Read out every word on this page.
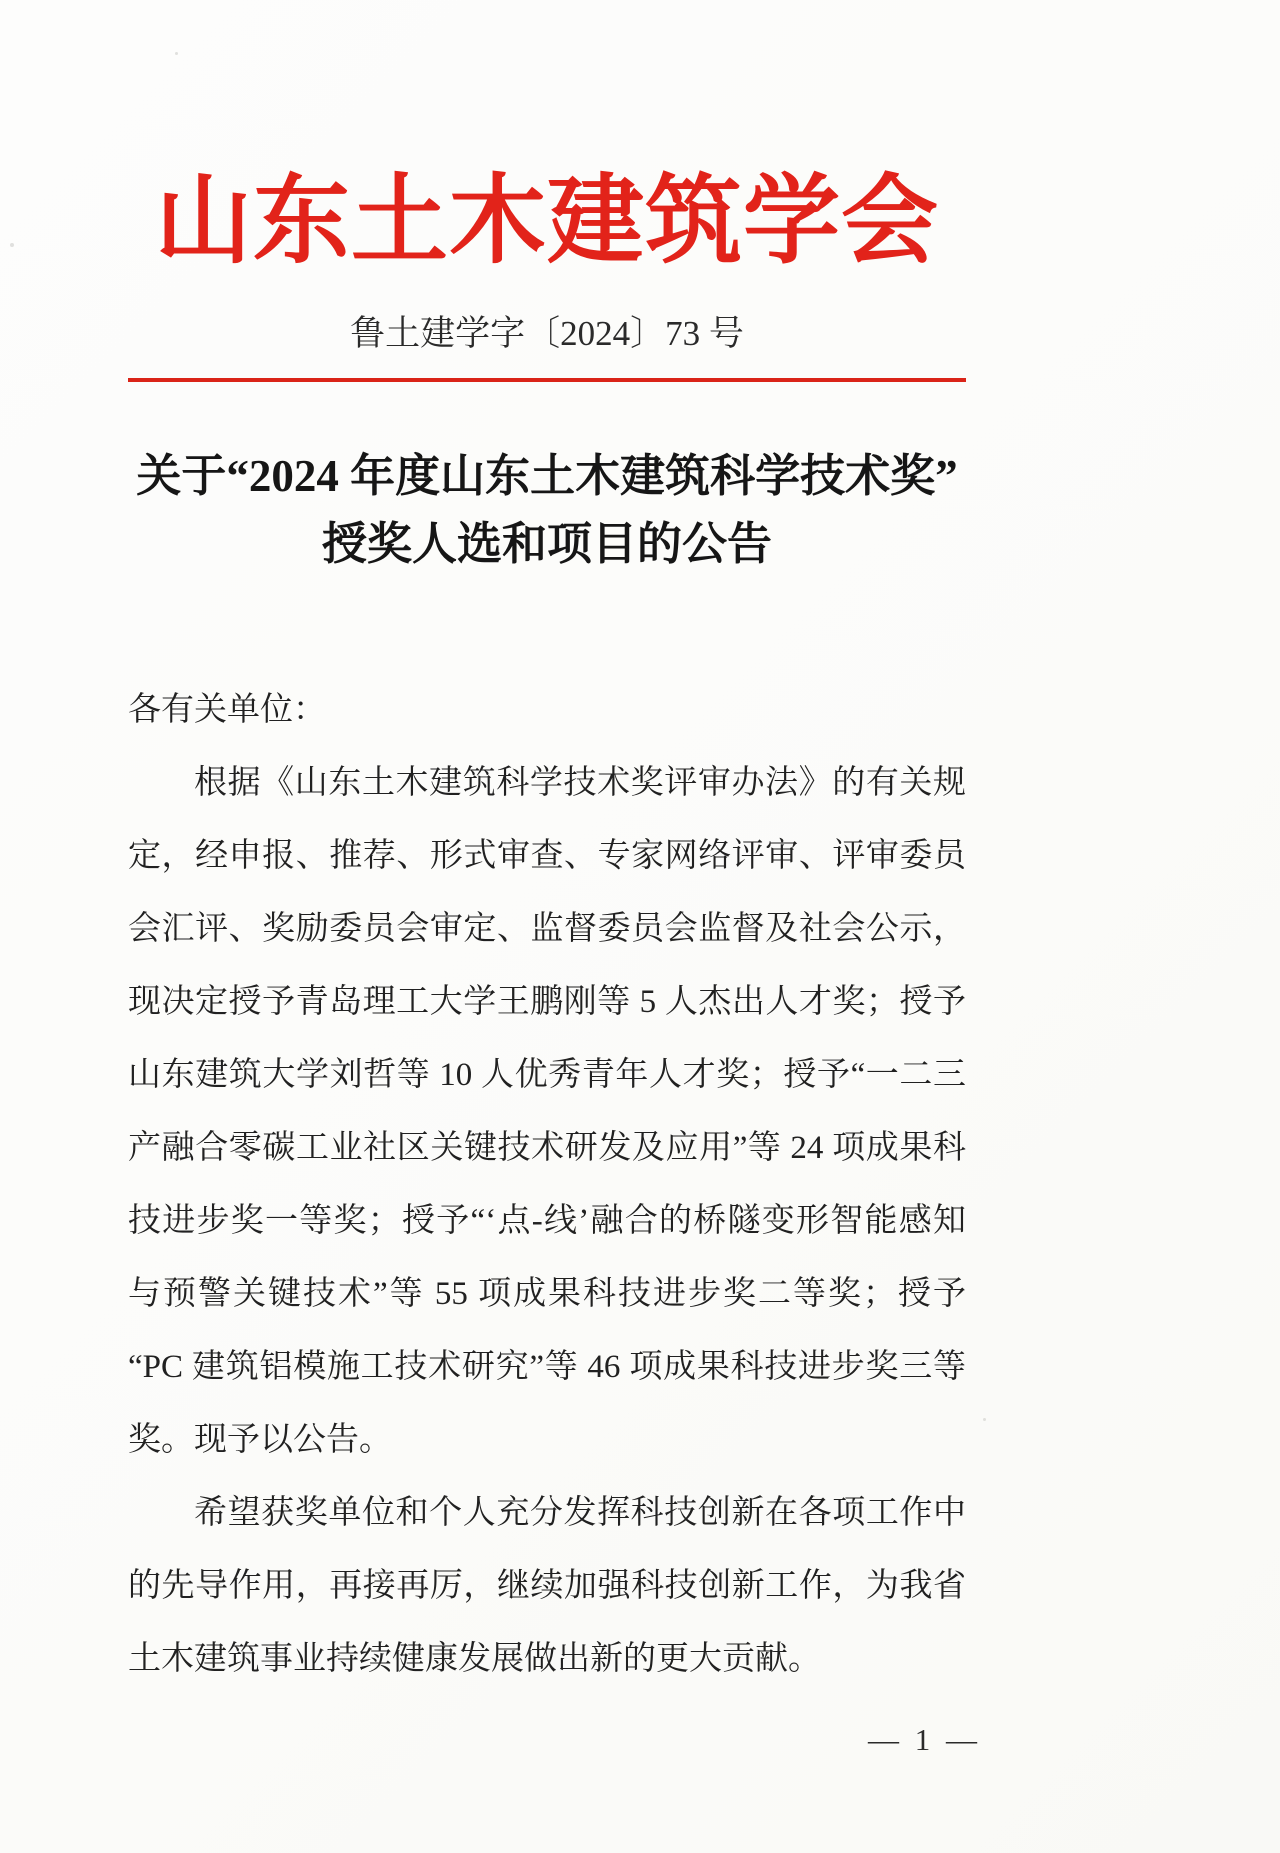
山东土木建筑学会
鲁土建学字〔2024〕73 号
关于“2024 年度山东土木建筑科学技术奖”
授奖人选和项目的公告
各有关单位：

根据《山东土木建筑科学技术奖评审办法》的有关规定，经申报、推荐、形式审查、专家网络评审、评审委员会汇评、奖励委员会审定、监督委员会监督及社会公示，现决定授予青岛理工大学王鹏刚等 5 人杰出人才奖；授予山东建筑大学刘哲等 10 人优秀青年人才奖；授予“一二三产融合零碳工业社区关键技术研发及应用”等 24 项成果科技进步奖一等奖；授予“‘点-线’融合的桥隧变形智能感知与预警关键技术”等 55 项成果科技进步奖二等奖；授予“PC 建筑铝模施工技术研究”等 46 项成果科技进步奖三等奖。现予以公告。

希望获奖单位和个人充分发挥科技创新在各项工作中的先导作用，再接再厉，继续加强科技创新工作，为我省土木建筑事业持续健康发展做出新的更大贡献。

— 1 —
